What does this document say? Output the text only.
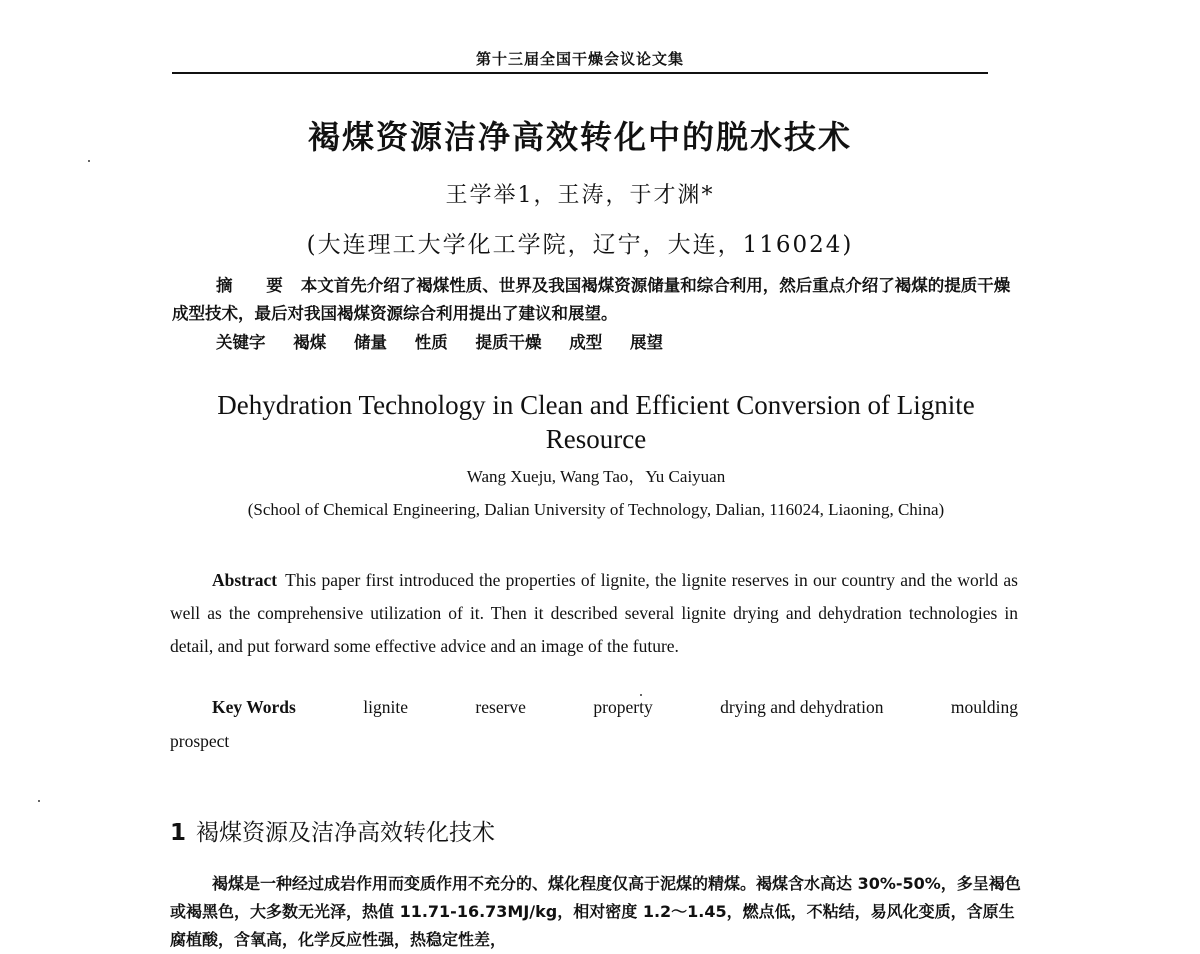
第十三届全国干燥会议论文集
褐煤资源洁净高效转化中的脱水技术
王学举1，王涛，于才渊*
(大连理工大学化工学院，辽宁，大连，116024)
摘 要 本文首先介绍了褐煤性质、世界及我国褐煤资源储量和综合利用，然后重点介绍了褐煤的提质干燥成型技术，最后对我国褐煤资源综合利用提出了建议和展望。
关键字 褐煤 储量 性质 提质干燥 成型 展望
Dehydration Technology in Clean and Efficient Conversion of Lignite Resource
Wang Xueju, Wang Tao，Yu Caiyuan
(School of Chemical Engineering, Dalian University of Technology, Dalian, 116024, Liaoning, China)
Abstract This paper first introduced the properties of lignite, the lignite reserves in our country and the world as well as the comprehensive utilization of it. Then it described several lignite drying and dehydration technologies in detail, and put forward some effective advice and an image of the future.
Key Words	lignite	reserve	property	drying and dehydration	moulding
prospect
1 褐煤资源及洁净高效转化技术
褐煤是一种经过成岩作用而变质作用不充分的、煤化程度仅高于泥煤的精煤。褐煤含水高达 30%-50%，多呈褐色或褐黑色，大多数无光泽，热值 11.71-16.73MJ/kg，相对密度 1.2～1.45，燃点低，不粘结，易风化变质，含原生腐植酸，含氧高，化学反应性强，热稳定性差，
